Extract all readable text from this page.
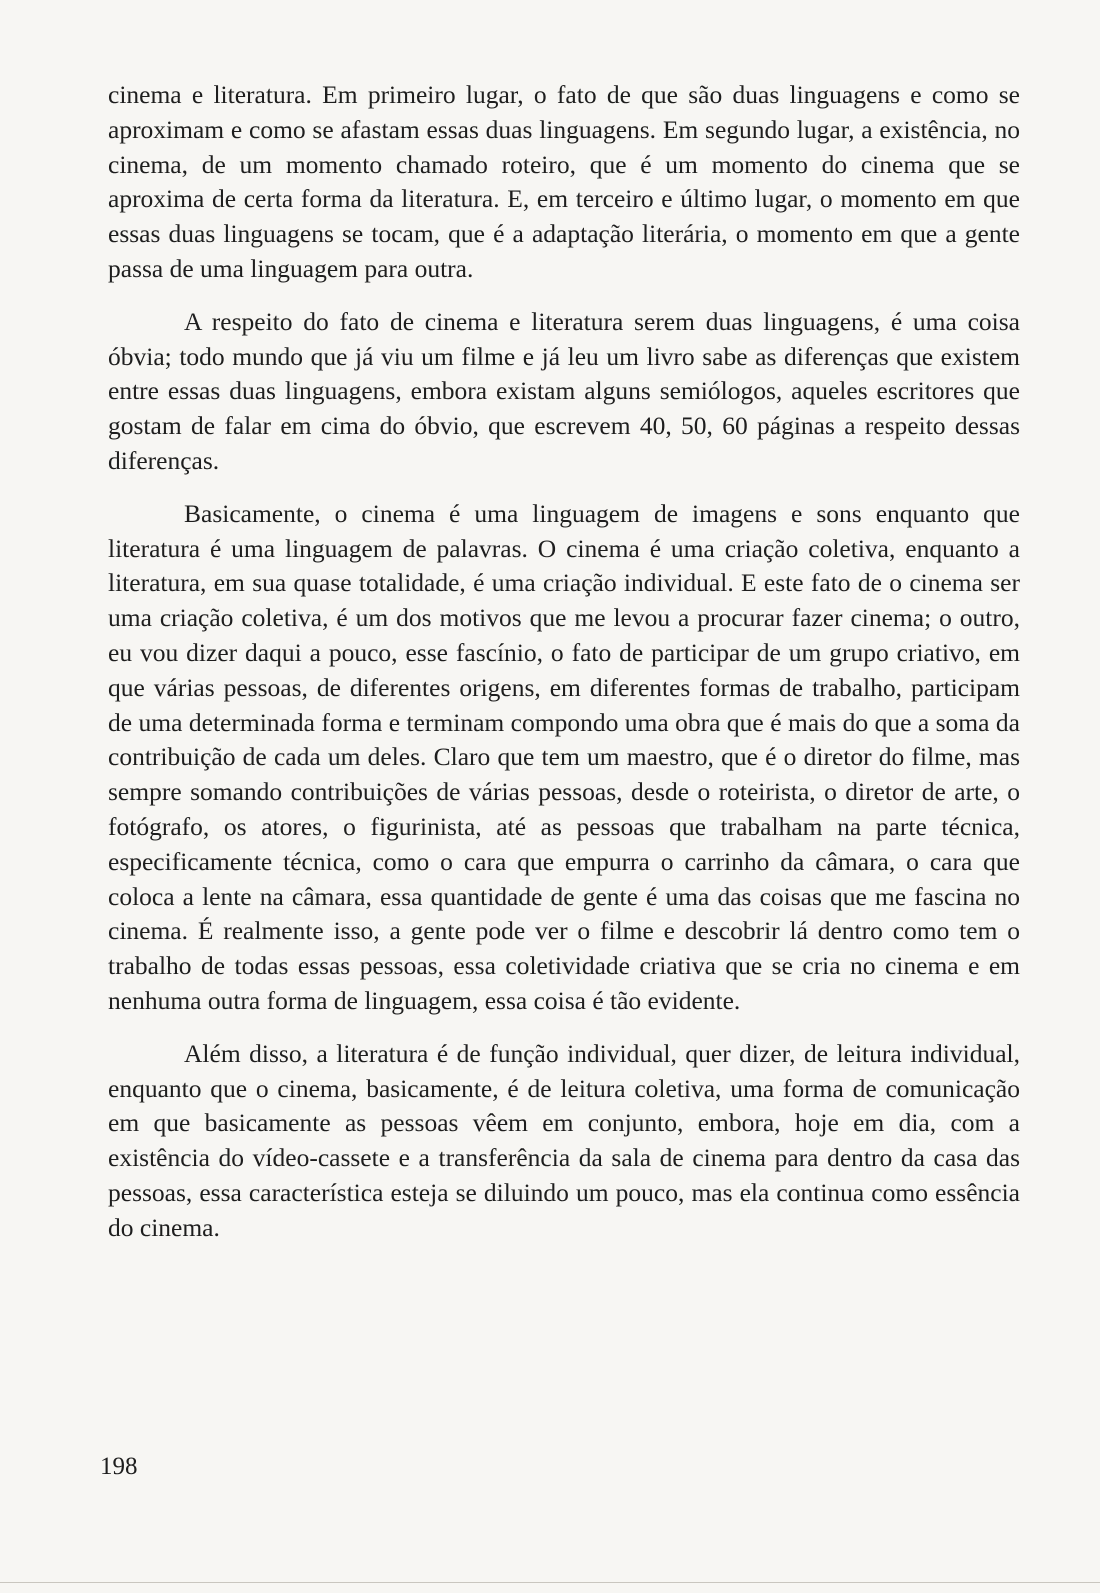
cinema e literatura. Em primeiro lugar, o fato de que são duas linguagens e como se aproximam e como se afastam essas duas linguagens. Em segundo lugar, a existência, no cinema, de um momento chamado roteiro, que é um momento do cinema que se aproxima de certa forma da literatura. E, em terceiro e último lugar, o momento em que essas duas linguagens se tocam, que é a adaptação literária, o momento em que a gente passa de uma linguagem para outra.

A respeito do fato de cinema e literatura serem duas linguagens, é uma coisa óbvia; todo mundo que já viu um filme e já leu um livro sabe as diferenças que existem entre essas duas linguagens, embora existam alguns semiólogos, aqueles escritores que gostam de falar em cima do óbvio, que escrevem 40, 50, 60 páginas a respeito dessas diferenças.

Basicamente, o cinema é uma linguagem de imagens e sons enquanto que literatura é uma linguagem de palavras. O cinema é uma criação coletiva, enquanto a literatura, em sua quase totalidade, é uma criação individual. E este fato de o cinema ser uma criação coletiva, é um dos motivos que me levou a procurar fazer cinema; o outro, eu vou dizer daqui a pouco, esse fascínio, o fato de participar de um grupo criativo, em que várias pessoas, de diferentes origens, em diferentes formas de trabalho, participam de uma determinada forma e terminam compondo uma obra que é mais do que a soma da contribuição de cada um deles. Claro que tem um maestro, que é o diretor do filme, mas sempre somando contribuições de várias pessoas, desde o roteirista, o diretor de arte, o fotógrafo, os atores, o figurinista, até as pessoas que trabalham na parte técnica, especificamente técnica, como o cara que empurra o carrinho da câmara, o cara que coloca a lente na câmara, essa quantidade de gente é uma das coisas que me fascina no cinema. É realmente isso, a gente pode ver o filme e descobrir lá dentro como tem o trabalho de todas essas pessoas, essa coletividade criativa que se cria no cinema e em nenhuma outra forma de linguagem, essa coisa é tão evidente.

Além disso, a literatura é de função individual, quer dizer, de leitura individual, enquanto que o cinema, basicamente, é de leitura coletiva, uma forma de comunicação em que basicamente as pessoas vêem em conjunto, embora, hoje em dia, com a existência do vídeo-cassete e a transferência da sala de cinema para dentro da casa das pessoas, essa característica esteja se diluindo um pouco, mas ela continua como essência do cinema.

198
